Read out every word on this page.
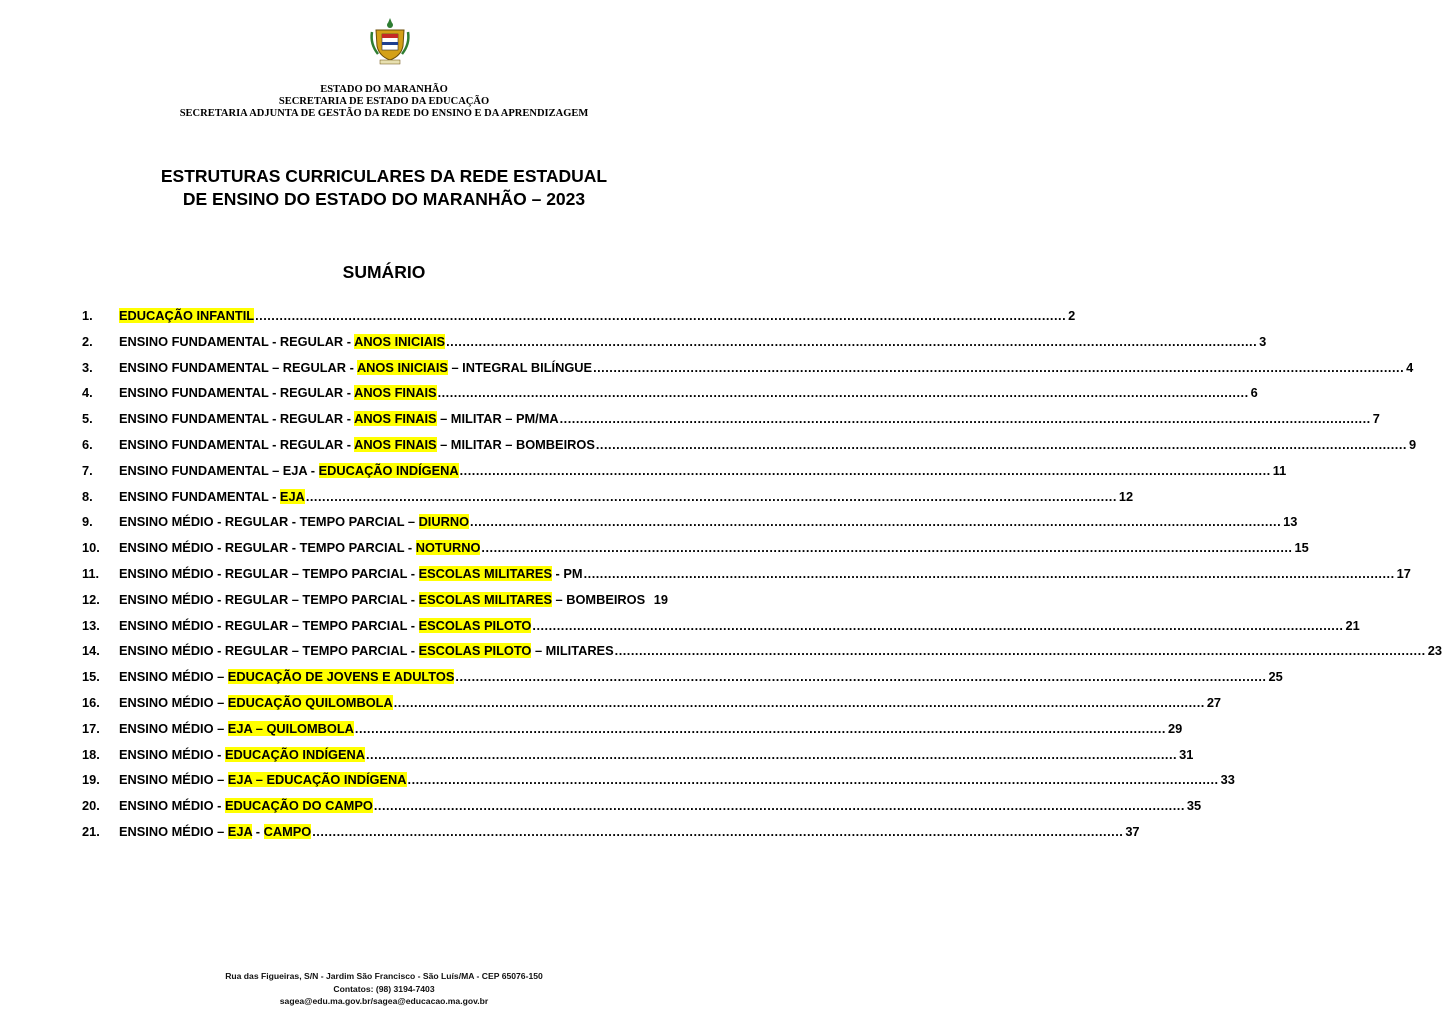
ESTADO DO MARANHÃO
SECRETARIA DE ESTADO DA EDUCAÇÃO
SECRETARIA ADJUNTA DE GESTÃO DA REDE DO ENSINO E DA APRENDIZAGEM
ESTRUTURAS CURRICULARES DA REDE ESTADUAL
DE ENSINO DO ESTADO DO MARANHÃO – 2023
SUMÁRIO
1.	EDUCAÇÃO INFANTIL ........................................................................................................................................................................................................ 2
2.	ENSINO FUNDAMENTAL - REGULAR - ANOS INICIAIS ........................................................................................................................................................................................................ 3
3.	ENSINO FUNDAMENTAL – REGULAR - ANOS INICIAIS – INTEGRAL BILÍNGUE ........................................................................................................................................................................................................ 4
4.	ENSINO FUNDAMENTAL - REGULAR - ANOS FINAIS ........................................................................................................................................................................................................ 6
5.	ENSINO FUNDAMENTAL - REGULAR - ANOS FINAIS – MILITAR – PM/MA ........................................................................................................................................................................................................ 7
6.	ENSINO FUNDAMENTAL - REGULAR - ANOS FINAIS – MILITAR – BOMBEIROS ........................................................................................................................................................................................................ 9
7.	ENSINO FUNDAMENTAL – EJA - EDUCAÇÃO INDÍGENA ........................................................................................................................................................................................................ 11
8.	ENSINO FUNDAMENTAL - EJA ........................................................................................................................................................................................................ 12
9.	ENSINO MÉDIO - REGULAR - TEMPO PARCIAL – DIURNO ........................................................................................................................................................................................................ 13
10.	ENSINO MÉDIO - REGULAR - TEMPO PARCIAL - NOTURNO ........................................................................................................................................................................................................ 15
11.	ENSINO MÉDIO - REGULAR – TEMPO PARCIAL - ESCOLAS MILITARES - PM ........................................................................................................................................................................................................ 17
12.	ENSINO MÉDIO - REGULAR – TEMPO PARCIAL - ESCOLAS MILITARES – BOMBEIROS 19
13.	ENSINO MÉDIO - REGULAR – TEMPO PARCIAL - ESCOLAS PILOTO ........................................................................................................................................................................................................ 21
14.	ENSINO MÉDIO - REGULAR – TEMPO PARCIAL - ESCOLAS PILOTO – MILITARES ........................................................................................................................................................................................................ 23
15.	ENSINO MÉDIO – EDUCAÇÃO DE JOVENS E ADULTOS ........................................................................................................................................................................................................ 25
16.	ENSINO MÉDIO – EDUCAÇÃO QUILOMBOLA ........................................................................................................................................................................................................ 27
17.	ENSINO MÉDIO – EJA – QUILOMBOLA ........................................................................................................................................................................................................ 29
18.	ENSINO MÉDIO - EDUCAÇÃO INDÍGENA ........................................................................................................................................................................................................ 31
19.	ENSINO MÉDIO – EJA – EDUCAÇÃO INDÍGENA ........................................................................................................................................................................................................ 33
20.	ENSINO MÉDIO - EDUCAÇÃO DO CAMPO ........................................................................................................................................................................................................ 35
21.	ENSINO MÉDIO – EJA - CAMPO ........................................................................................................................................................................................................ 37
Rua das Figueiras, S/N - Jardim São Francisco - São Luís/MA - CEP 65076-150
Contatos: (98) 3194-7403
sagea@edu.ma.gov.br/sagea@educacao.ma.gov.br
